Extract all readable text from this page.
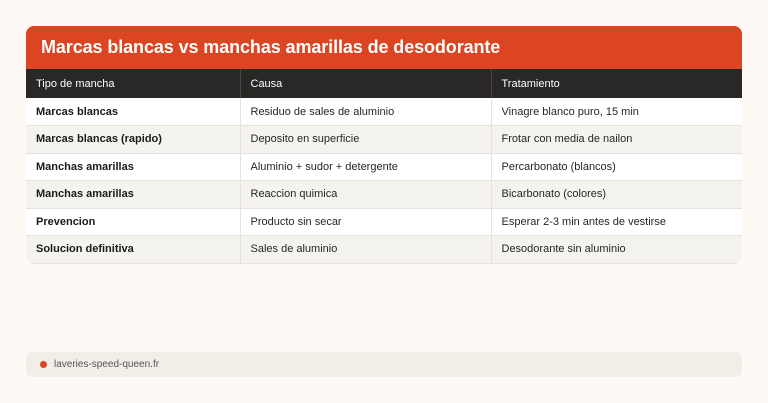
Marcas blancas vs manchas amarillas de desodorante
Tipo de mancha	Causa	Tratamiento
Marcas blancas	Residuo de sales de aluminio	Vinagre blanco puro, 15 min
Marcas blancas (rapido)	Deposito en superficie	Frotar con media de nailon
Manchas amarillas	Aluminio + sudor + detergente	Percarbonato (blancos)
Manchas amarillas	Reaccion quimica	Bicarbonato (colores)
Prevencion	Producto sin secar	Esperar 2-3 min antes de vestirse
Solucion definitiva	Sales de aluminio	Desodorante sin aluminio
laveries-speed-queen.fr
